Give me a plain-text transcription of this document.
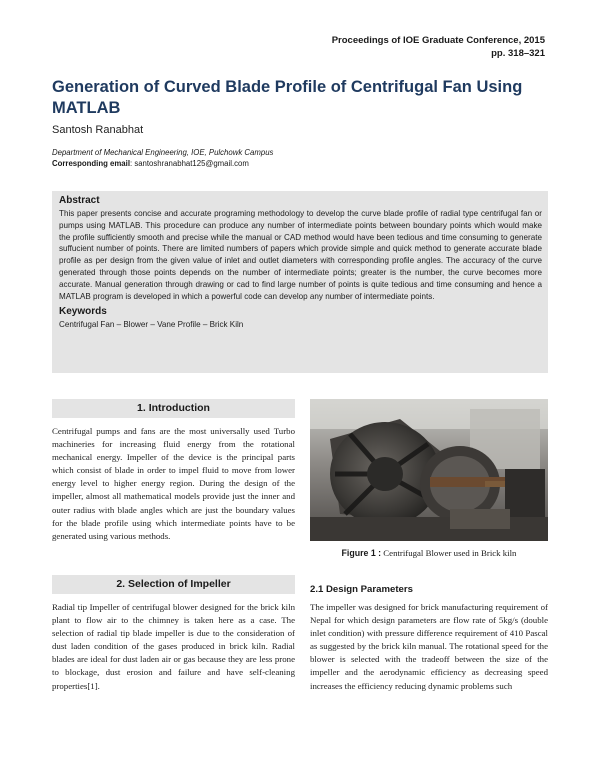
Proceedings of IOE Graduate Conference, 2015
pp. 318–321
Generation of Curved Blade Profile of Centrifugal Fan Using MATLAB
Santosh Ranabhat
Department of Mechanical Engineering, IOE, Pulchowk Campus
Corresponding email: santoshranabhat125@gmail.com
Abstract

This paper presents concise and accurate programing methodology to develop the curve blade profile of radial type centrifugal fan or pumps using MATLAB. This procedure can produce any number of intermediate points between boundary points which would make the profile sufficiently smooth and precise while the manual or CAD method would have been tedious and time consuming to generate suffucient number of points. There are limited numbers of papers which provide simple and quick method to generate accurate blade profile as per design from the given value of inlet and outlet diameters with corresponding profile angles. The accuracy of the curve generated through those points depends on the number of intermediate points; greater is the number, the curve becomes more accurate. Manual generation through drawing or cad to find large number of points is quite tedious and time consuming and hence a MATLAB program is developed in which a powerful code can develop any number of intermediate points.

Keywords

Centrifugal Fan – Blower – Vane Profile – Brick Kiln

1. Introduction

Centrifugal pumps and fans are the most universally used Turbo machineries for increasing fluid energy from the rotational mechanical energy. Impeller of the device is the principal parts which consist of blade in order to impel fluid to move from lower energy level to higher energy region. During the design of the impeller, almost all mathematical models provide just the inner and outer radius with blade angles which are just the boundary values for the blade profile using which intermediate points have to be generated using various methods.

2. Selection of Impeller

Radial tip Impeller of centrifugal blower designed for the brick kiln plant to flow air to the chimney is taken here as a case. The selection of radial tip blade impeller is due to the consideration of dust laden condition of the gases produced in brick kiln. Radial blades are ideal for dust laden air or gas because they are less prone to blockage, dust erosion and failure and have self-cleaning properties[1].

Figure 1 : Centrifugal Blower used in Brick kiln
2.1 Design Parameters

The impeller was designed for brick manufacturing requirement of Nepal for which design parameters are flow rate of 5kg/s (double inlet condition) with pressure difference requirement of 410 Pascal as suggested by the brick kiln manual. The rotational speed for the blower is selected with the tradeoff between the size of the impeller and the aerodynamic efficiency as decreasing speed increases the efficiency reducing dynamic problems such
